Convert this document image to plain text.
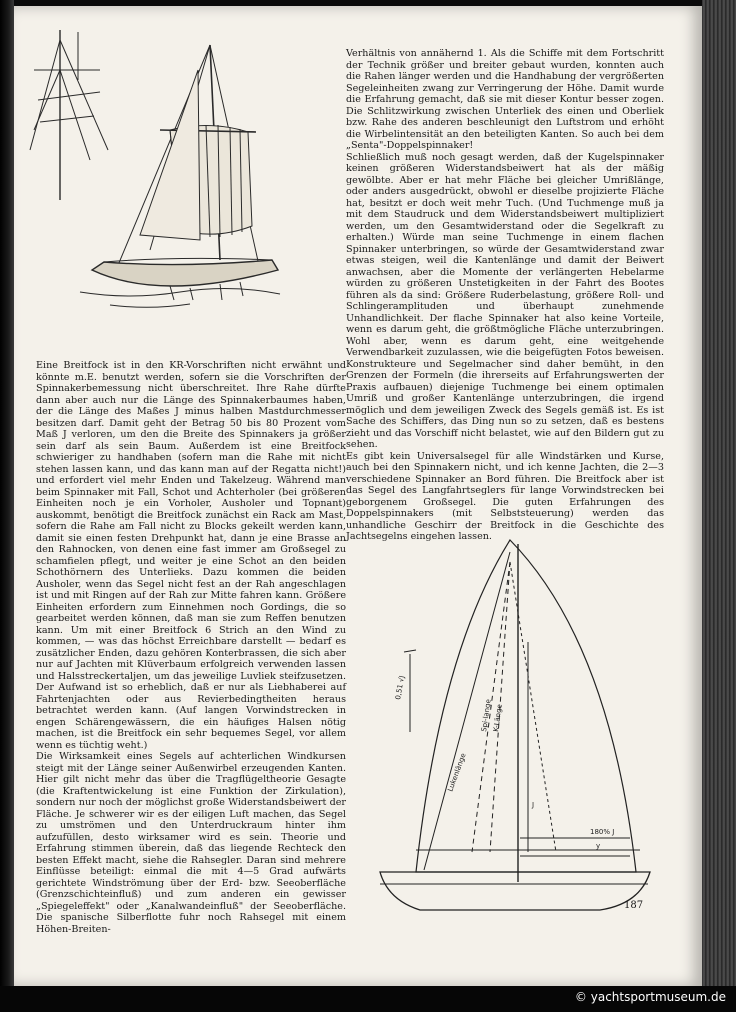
Eine Breitfock ist in den KR-Vorschriften nicht erwähnt und könnte m.E. benutzt werden, sofern sie die Vorschriften der Spinnakerbemessung nicht überschreitet. Ihre Rahe dürfte dann aber auch nur die Länge des Spinnakerbaumes haben, der die Länge des Maßes J minus halben Mastdurchmesser besitzen darf. Damit geht der Betrag 50 bis 80 Prozent vom Maß J verloren, um den die Breite des Spinnakers ja größer sein darf als sein Baum. Außerdem ist eine Breitfock schwieriger zu handhaben (sofern man die Rahe mit nicht stehen lassen kann, und das kann man auf der Regatta nicht!) und erfordert viel mehr Enden und Takelzeug. Während man beim Spinnaker mit Fall, Schot und Achterholer (bei größeren Einheiten noch je ein Vorholer, Ausholer und Topnant) auskommt, benötigt die Breitfock zunächst ein Rack am Mast, sofern die Rahe am Fall nicht zu Blocks gekeilt werden kann, damit sie einen festen Drehpunkt hat, dann je eine Brasse an den Rahnocken, von denen eine fast immer am Großsegel zu schamfielen pflegt, und weiter je eine Schot an den beiden Schothörnern des Unterlieks. Dazu kommen die beiden Ausholer, wenn das Segel nicht fest an der Rah angeschlagen ist und mit Ringen auf der Rah zur Mitte fahren kann. Größere Einheiten erfordern zum Einnehmen noch Gordings, die so gearbeitet werden können, daß man sie zum Reffen benutzen kann. Um mit einer Breitfock 6 Strich an den Wind zu kommen, — was das höchst Erreichbare darstellt — bedarf es zusätzlicher Enden, dazu gehören Konterbrassen, die sich aber nur auf Jachten mit Klüverbaum erfolgreich verwenden lassen und Halsstreckertaljen, um das jeweilige Luvliek steifzusetzen. Der Aufwand ist so erheblich, daß er nur als Liebhaberei auf Fahrtenjachten oder aus Revierbedingtheiten heraus betrachtet werden kann. (Auf langen Vorwindstrecken in engen Schärengewässern, die ein häufiges Halsen nötig machen, ist die Breitfock ein sehr bequemes Segel, vor allem wenn es tüchtig weht.)

Die Wirksamkeit eines Segels auf achterlichen Windkursen steigt mit der Länge seiner Außenwirbel erzeugenden Kanten. Hier gilt nicht mehr das über die Tragflügeltheorie Gesagte (die Kraftentwickelung ist eine Funktion der Zirkulation), sondern nur noch der möglichst große Widerstandsbeiwert der Fläche. Je schwerer wir es der eiligen Luft machen, das Segel zu umströmen und den Unterdruckraum hinter ihm aufzufüllen, desto wirksamer wird es sein. Theorie und Erfahrung stimmen überein, daß das liegende Rechteck den besten Effekt macht, siehe die Rahsegler. Daran sind mehrere Einflüsse beteiligt: einmal die mit 4—5 Grad aufwärts gerichtete Windströmung über der Erd- bzw. Seeoberfläche (Grenzschichteinfluß) und zum anderen ein gewisser „Spiegeleffekt" oder „Kanalwandeinfluß" der Seeoberfläche. Die spanische Silberflotte fuhr noch Rahsegel mit einem Höhen-Breiten-

Verhältnis von annähernd 1. Als die Schiffe mit dem Fortschritt der Technik größer und breiter gebaut wurden, konnten auch die Rahen länger werden und die Handhabung der vergrößerten Segeleinheiten zwang zur Verringerung der Höhe. Damit wurde die Erfahrung gemacht, daß sie mit dieser Kontur besser zogen. Die Schlitzwirkung zwischen Unterliek des einen und Oberliek bzw. Rahe des anderen beschleunigt den Luftstrom und erhöht die Wirbelintensität an den beteiligten Kanten. So auch bei dem „Senta"-Doppelspinnaker!

Schließlich muß noch gesagt werden, daß der Kugelspinnaker keinen größeren Widerstandsbeiwert hat als der mäßig gewölbte. Aber er hat mehr Fläche bei gleicher Umrißlänge, oder anders ausgedrückt, obwohl er dieselbe projizierte Fläche hat, besitzt er doch weit mehr Tuch. (Und Tuchmenge muß ja mit dem Staudruck und dem Widerstandsbeiwert multipliziert werden, um den Gesamtwiderstand oder die Segelkraft zu erhalten.) Würde man seine Tuchmenge in einem flachen Spinnaker unterbringen, so würde der Gesamtwiderstand zwar etwas steigen, weil die Kantenlänge und damit der Beiwert anwachsen, aber die Momente der verlängerten Hebelarme würden zu größeren Unstetigkeiten in der Fahrt des Bootes führen als da sind: Größere Ruderbelastung, größere Roll- und Schlingeramplituden und überhaupt zunehmende Unhandlichkeit. Der flache Spinnaker hat also keine Vorteile, wenn es darum geht, die größtmögliche Fläche unterzubringen. Wohl aber, wenn es darum geht, eine weitgehende Verwendbarkeit zuzulassen, wie die beigefügten Fotos beweisen. Konstrukteure und Segelmacher sind daher bemüht, in den Grenzen der Formeln (die ihrerseits auf Erfahrungswerten der Praxis aufbauen) diejenige Tuchmenge bei einem optimalen Umriß und großer Kantenlänge unterzubringen, die irgend möglich und dem jeweiligen Zweck des Segels gemäß ist. Es ist Sache des Schiffers, das Ding nun so zu setzen, daß es bestens zieht und das Vorschiff nicht belastet, wie auf den Bildern gut zu sehen.

Es gibt kein Universalsegel für alle Windstärken und Kurse, auch bei den Spinnakern nicht, und ich kenne Jachten, die 2—3 verschiedene Spinnaker an Bord führen. Die Breitfock aber ist das Segel des Langfahrtseglers für lange Vorwindstrecken bei geborgenem Großsegel. Die guten Erfahrungen des Doppelspinnakers (mit Selbststeuerung) werden das unhandliche Geschirr der Breitfock in die Geschichte des Jachtsegelns eingehen lassen.

0,51 √J
Lukenlänge
Spi-lange K-Länge
J
180% J
y
187
© yachtsportmuseum.de
